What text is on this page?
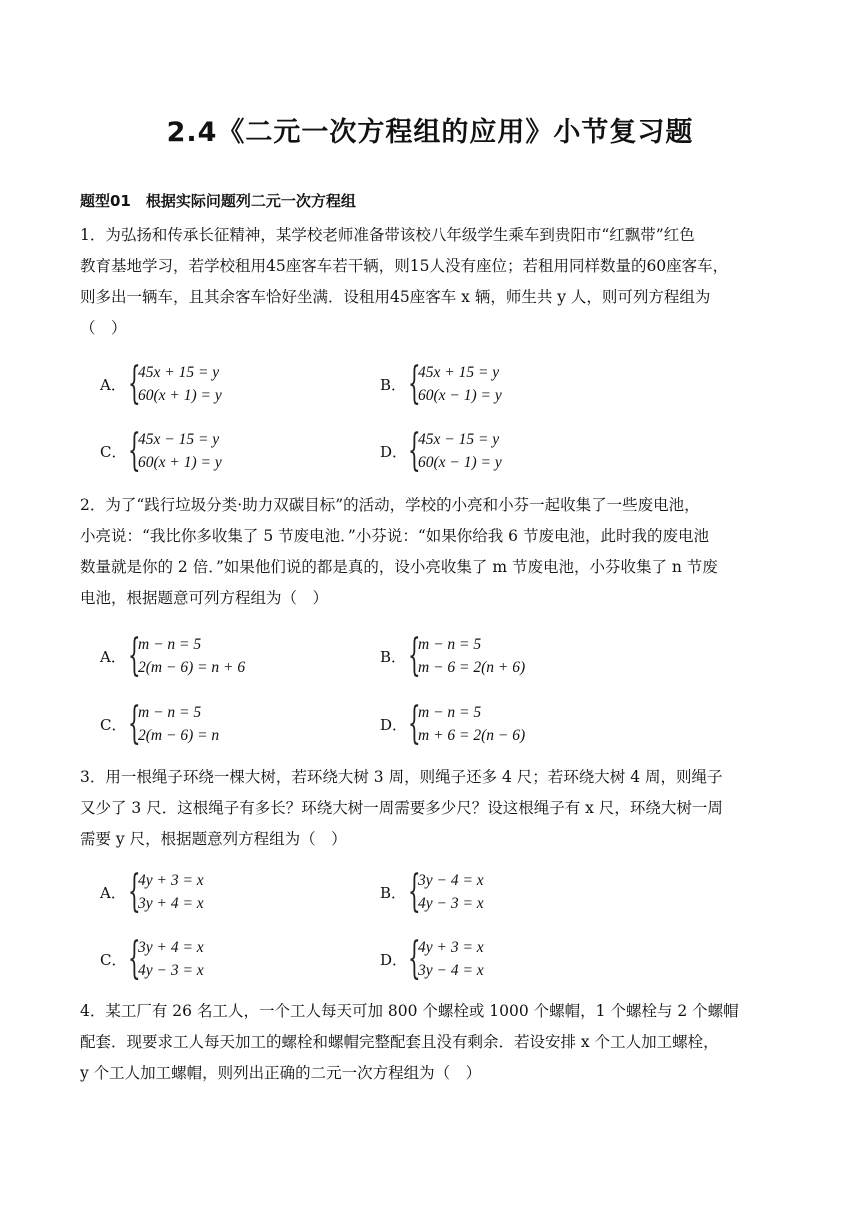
2.4《二元一次方程组的应用》小节复习题
题型01　根据实际问题列二元一次方程组
1．为弘扬和传承长征精神，某学校老师准备带该校八年级学生乘车到贵阳市“红飘带”红色
教育基地学习，若学校租用45座客车若干辆，则15人没有座位；若租用同样数量的60座客车，
则多出一辆车，且其余客车恰好坐满．设租用45座客车 x 辆，师生共 y 人，则可列方程组为
（　）
A． {
45x + 15 = y
60(x + 1) = y
B． {
45x + 15 = y
60(x − 1) = y
C． {
45x − 15 = y
60(x + 1) = y
D． {
45x − 15 = y
60(x − 1) = y
2．为了“践行垃圾分类·助力双碳目标”的活动，学校的小亮和小芬一起收集了一些废电池，
小亮说：“我比你多收集了 5 节废电池．”小芬说：“如果你给我 6 节废电池，此时我的废电池
数量就是你的 2 倍．”如果他们说的都是真的，设小亮收集了 m 节废电池，小芬收集了 n 节废
电池，根据题意可列方程组为（　）
A． {
m − n = 5
2(m − 6) = n + 6
B． {
m − n = 5
m − 6 = 2(n + 6)
C． {
m − n = 5
2(m − 6) = n
D． {
m − n = 5
m + 6 = 2(n − 6)
3．用一根绳子环绕一棵大树，若环绕大树 3 周，则绳子还多 4 尺；若环绕大树 4 周，则绳子
又少了 3 尺．这根绳子有多长？环绕大树一周需要多少尺？设这根绳子有 x 尺，环绕大树一周
需要 y 尺，根据题意列方程组为（　）
A． {
4y + 3 = x
3y + 4 = x
B． {
3y − 4 = x
4y − 3 = x
C． {
3y + 4 = x
4y − 3 = x
D． {
4y + 3 = x
3y − 4 = x
4．某工厂有 26 名工人，一个工人每天可加 800 个螺栓或 1000 个螺帽，1 个螺栓与 2 个螺帽
配套．现要求工人每天加工的螺栓和螺帽完整配套且没有剩余．若设安排 x 个工人加工螺栓，
y 个工人加工螺帽，则列出正确的二元一次方程组为（　）
